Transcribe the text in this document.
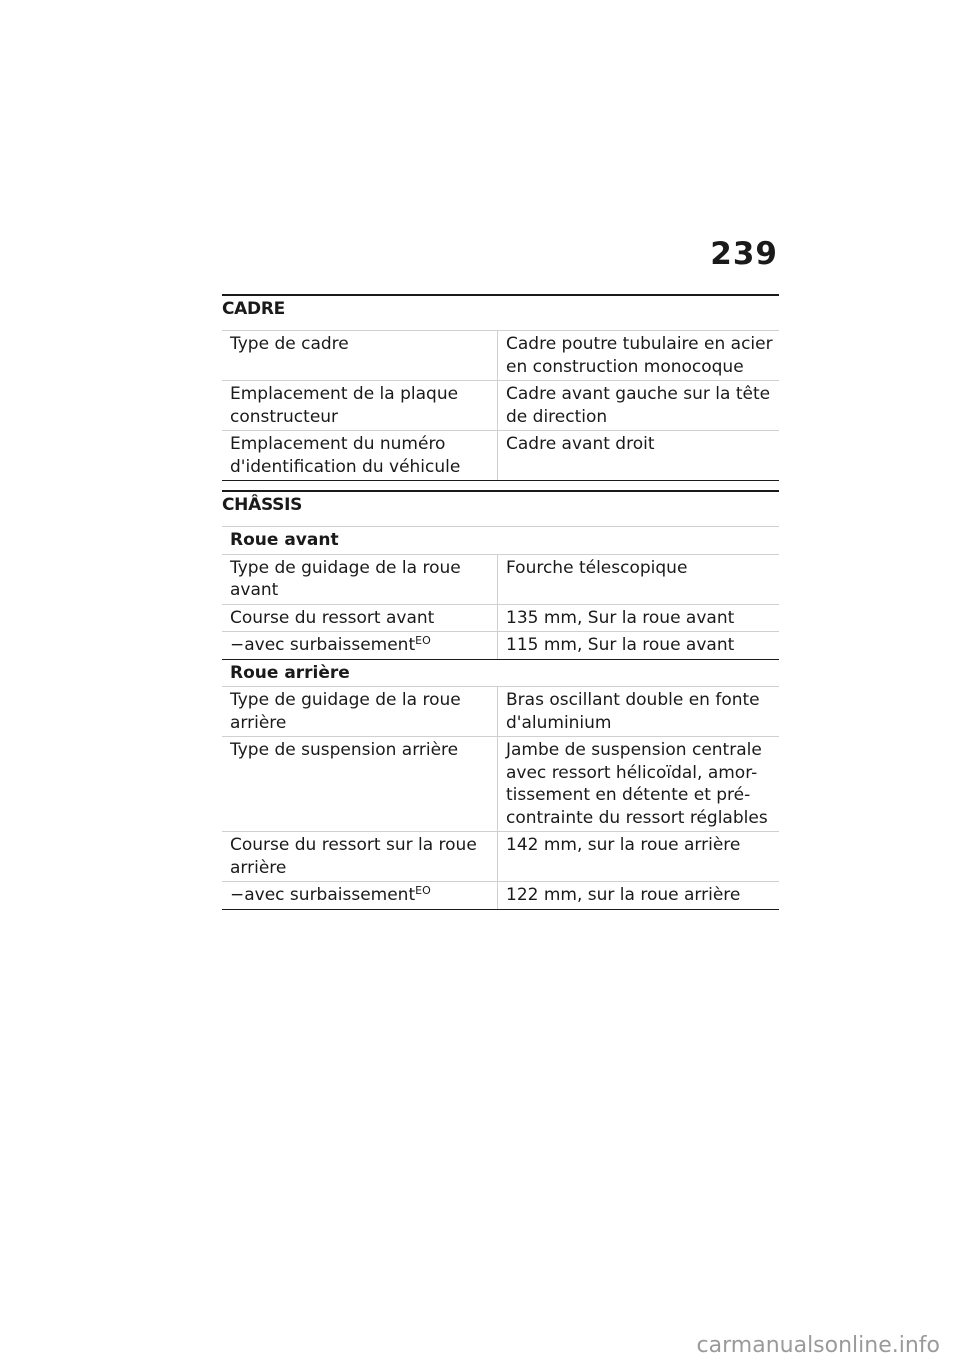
239
CADRE
Type de cadre	Cadre poutre tubulaire en acier en construction monocoque
Emplacement de la plaque constructeur	Cadre avant gauche sur la tête de direction
Emplacement du numéro d'identification du véhicule	Cadre avant droit
CHÂSSIS
Roue avant	
Type de guidage de la roue avant	Fourche télescopique
Course du ressort avant	135 mm, Sur la roue avant
−avec surbaissement$^{EO}$	115 mm, Sur la roue avant
Roue arrière	
Type de guidage de la roue arrière	Bras oscillant double en fonte d'aluminium
Type de suspension arrière	Jambe de suspension centrale avec ressort hélicoïdal, amor-tissement en détente et pré-contrainte du ressort réglables
Course du ressort sur la roue arrière	142 mm, sur la roue arrière
−avec surbaissement$^{EO}$	122 mm, sur la roue arrière
carmanualsonline.info
